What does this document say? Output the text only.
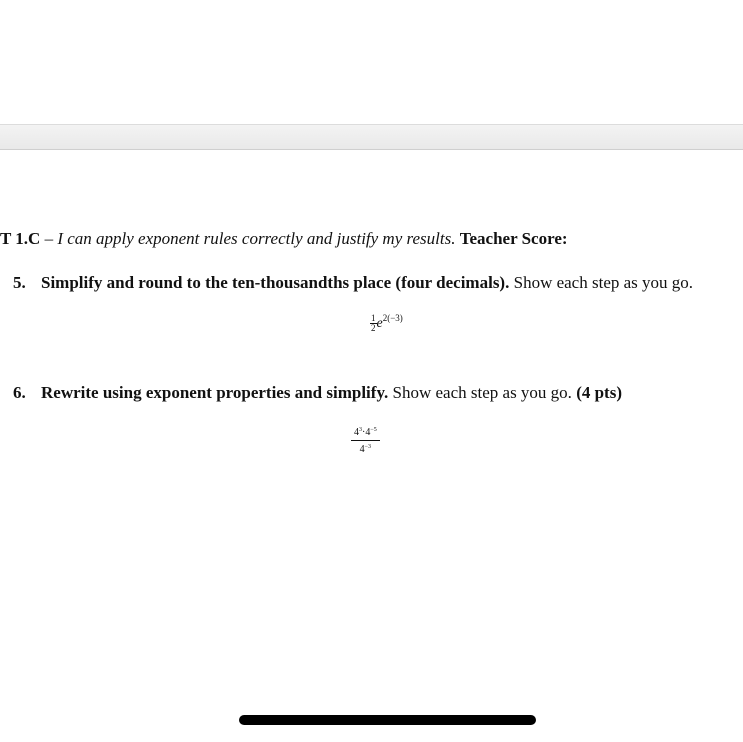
T 1.C – I can apply exponent rules correctly and justify my results. Teacher Score:
5. Simplify and round to the ten-thousandths place (four decimals). Show each step as you go.
$\frac{1}{2} e^{2(-3)}$
6. Rewrite using exponent properties and simplify. Show each step as you go. (4 pts)
$\frac{4^3\cdot 4^{-5}}{4^{-3}}$
